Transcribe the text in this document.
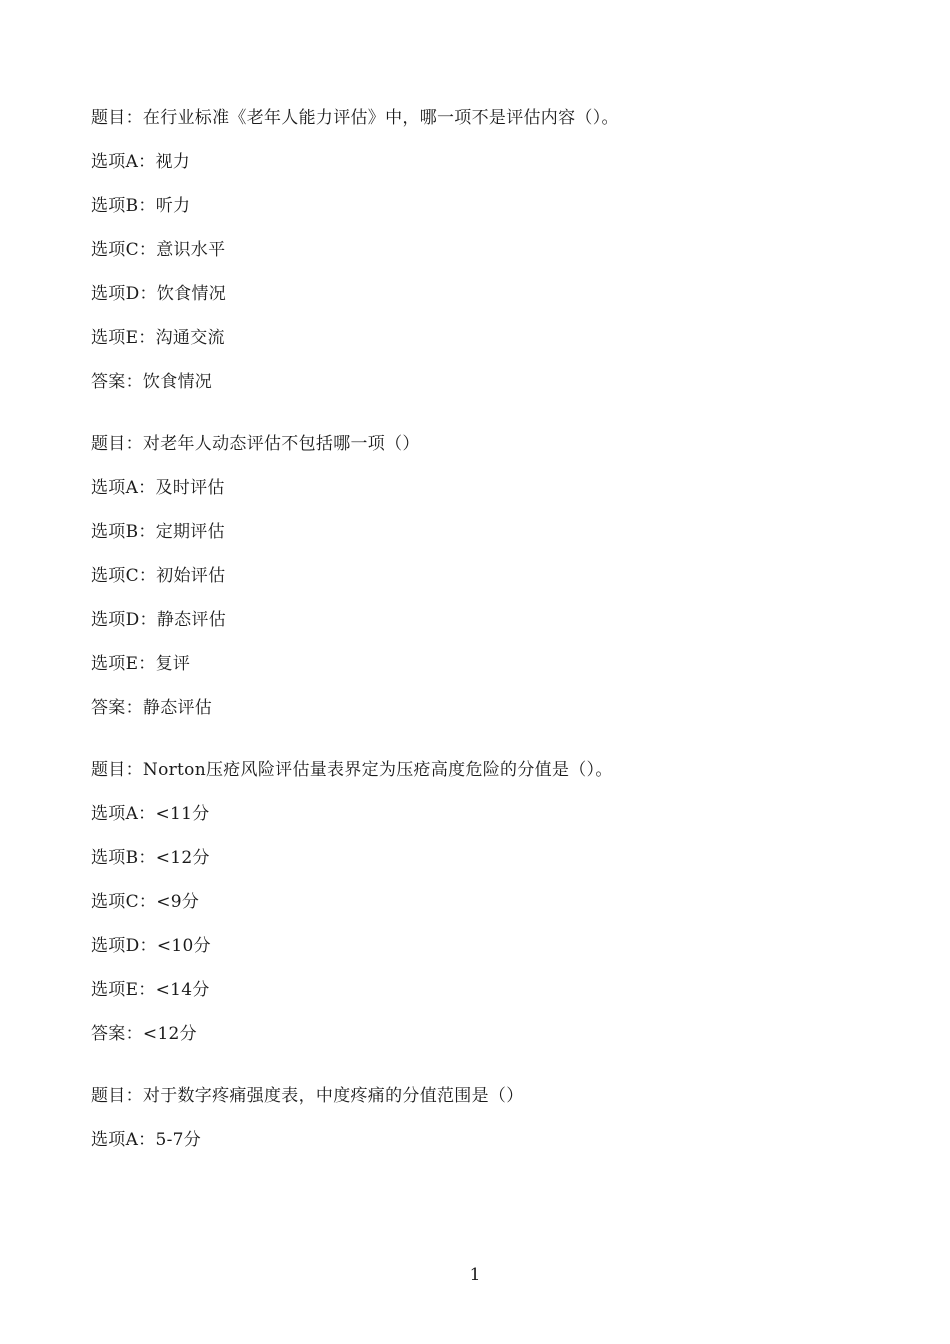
题目：在行业标准《老年人能力评估》中，哪一项不是评估内容（）。
选项A：视力
选项B：听力
选项C：意识水平
选项D：饮食情况
选项E：沟通交流
答案：饮食情况
题目：对老年人动态评估不包括哪一项（）
选项A：及时评估
选项B：定期评估
选项C：初始评估
选项D：静态评估
选项E：复评
答案：静态评估
题目：Norton压疮风险评估量表界定为压疮高度危险的分值是（）。
选项A：<11分
选项B：<12分
选项C：<9分
选项D：<10分
选项E：<14分
答案：<12分
题目：对于数字疼痛强度表，中度疼痛的分值范围是（）
选项A：5-7分
1
